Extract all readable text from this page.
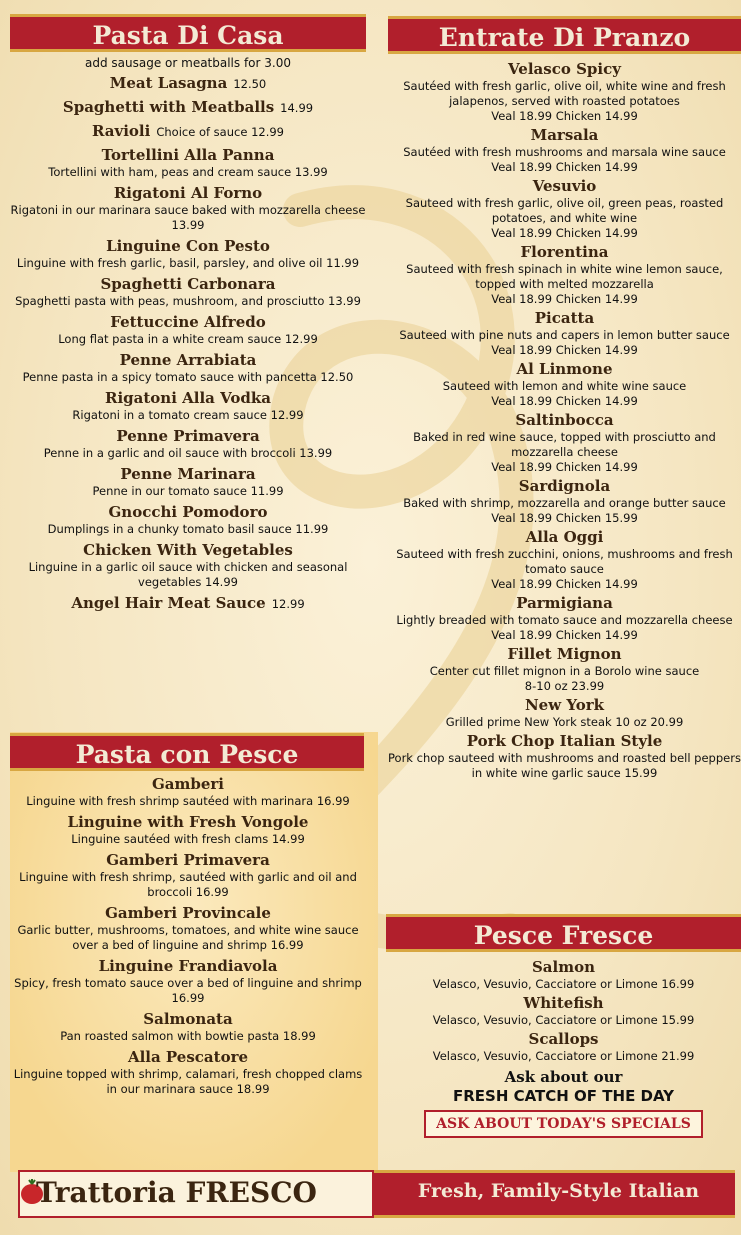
Pasta Di Casa
add sausage or meatballs for 3.00
Meat Lasagna 12.50
Spaghetti with Meatballs 14.99
Ravioli Choice of sauce 12.99
Tortellini Alla Panna
Tortellini with ham, peas and cream sauce 13.99
Rigatoni Al Forno
Rigatoni in our marinara sauce baked with mozzarella cheese 13.99
Linguine Con Pesto
Linguine with fresh garlic, basil, parsley, and olive oil 11.99
Spaghetti Carbonara
Spaghetti pasta with peas, mushroom, and prosciutto 13.99
Fettuccine Alfredo
Long flat pasta in a white cream sauce 12.99
Penne Arrabiata
Penne pasta in a spicy tomato sauce with pancetta 12.50
Rigatoni Alla Vodka
Rigatoni in a tomato cream sauce 12.99
Penne Primavera
Penne in a garlic and oil sauce with broccoli 13.99
Penne Marinara
Penne in our tomato sauce 11.99
Gnocchi Pomodoro
Dumplings in a chunky tomato basil sauce 11.99
Chicken With Vegetables
Linguine in a garlic oil sauce with chicken and seasonal vegetables 14.99
Angel Hair Meat Sauce 12.99
Pasta con Pesce
Gamberi
Linguine with fresh shrimp sautéed with marinara 16.99
Linguine with Fresh Vongole
Linguine sautéed with fresh clams 14.99
Gamberi Primavera
Linguine with fresh shrimp, sautéed with garlic and oil and broccoli 16.99
Gamberi Provincale
Garlic butter, mushrooms, tomatoes, and white wine sauce over a bed of linguine and shrimp 16.99
Linguine Frandiavola
Spicy, fresh tomato sauce over a bed of linguine and shrimp 16.99
Salmonata
Pan roasted salmon with bowtie pasta 18.99
Alla Pescatore
Linguine topped with shrimp, calamari, fresh chopped clams in our marinara sauce 18.99
Entrate Di Pranzo
Velasco Spicy
Sautéed with fresh garlic, olive oil, white wine and fresh jalapenos, served with roasted potatoes
Veal 18.99 Chicken 14.99
Marsala
Sautéed with fresh mushrooms and marsala wine sauce
Veal 18.99 Chicken 14.99
Vesuvio
Sauteed with fresh garlic, olive oil, green peas, roasted potatoes, and white wine
Veal 18.99 Chicken 14.99
Florentina
Sauteed with fresh spinach in white wine lemon sauce, topped with melted mozzarella
Veal 18.99 Chicken 14.99
Picatta
Sauteed with pine nuts and capers in lemon butter sauce
Veal 18.99 Chicken 14.99
Al Linmone
Sauteed with lemon and white wine sauce
Veal 18.99 Chicken 14.99
Saltinbocca
Baked in red wine sauce, topped with prosciutto and mozzarella cheese
Veal 18.99 Chicken 14.99
Sardignola
Baked with shrimp, mozzarella and orange butter sauce
Veal 18.99 Chicken 15.99
Alla Oggi
Sauteed with fresh zucchini, onions, mushrooms and fresh tomato sauce
Veal 18.99 Chicken 14.99
Parmigiana
Lightly breaded with tomato sauce and mozzarella cheese
Veal 18.99 Chicken 14.99
Fillet Mignon
Center cut fillet mignon in a Borolo wine sauce
8-10 oz 23.99
New York
Grilled prime New York steak 10 oz 20.99
Pork Chop Italian Style
Pork chop sauteed with mushrooms and roasted bell peppers in white wine garlic sauce 15.99
Pesce Fresce
Salmon
Velasco, Vesuvio, Cacciatore or Limone 16.99
Whitefish
Velasco, Vesuvio, Cacciatore or Limone 15.99
Scallops
Velasco, Vesuvio, Cacciatore or Limone 21.99
Ask about our
FRESH CATCH OF THE DAY
ASK ABOUT TODAY'S SPECIALS
Trattoria FRESCO	Fresh, Family-Style Italian
